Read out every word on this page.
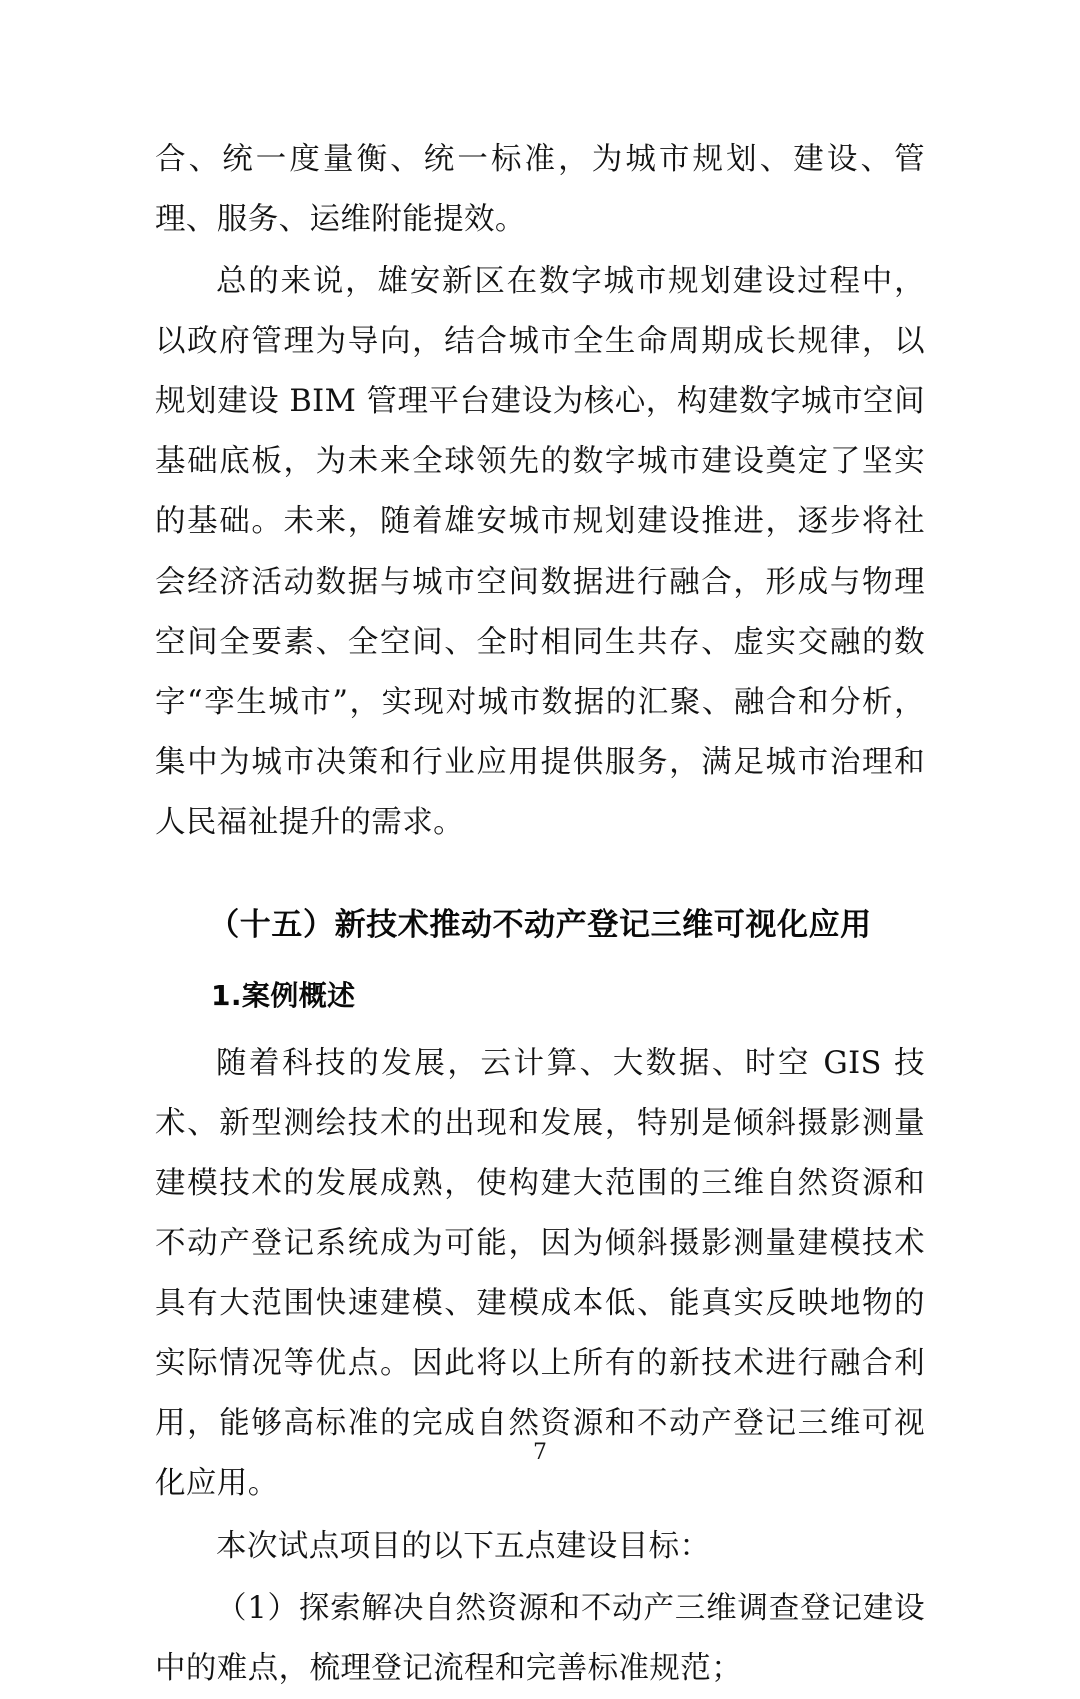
合、统一度量衡、统一标准，为城市规划、建设、管理、服务、运维附能提效。

总的来说，雄安新区在数字城市规划建设过程中，以政府管理为导向，结合城市全生命周期成长规律，以规划建设 BIM 管理平台建设为核心，构建数字城市空间基础底板，为未来全球领先的数字城市建设奠定了坚实的基础。未来，随着雄安城市规划建设推进，逐步将社会经济活动数据与城市空间数据进行融合，形成与物理空间全要素、全空间、全时相同生共存、虚实交融的数字“孪生城市”，实现对城市数据的汇聚、融合和分析，集中为城市决策和行业应用提供服务，满足城市治理和人民福祉提升的需求。

（十五）新技术推动不动产登记三维可视化应用
1.案例概述

随着科技的发展，云计算、大数据、时空 GIS 技术、新型测绘技术的出现和发展，特别是倾斜摄影测量建模技术的发展成熟，使构建大范围的三维自然资源和不动产登记系统成为可能，因为倾斜摄影测量建模技术具有大范围快速建模、建模成本低、能真实反映地物的实际情况等优点。因此将以上所有的新技术进行融合利用，能够高标准的完成自然资源和不动产登记三维可视化应用。

本次试点项目的以下五点建设目标：

（1）探索解决自然资源和不动产三维调查登记建设中的难点，梳理登记流程和完善标准规范；

7
